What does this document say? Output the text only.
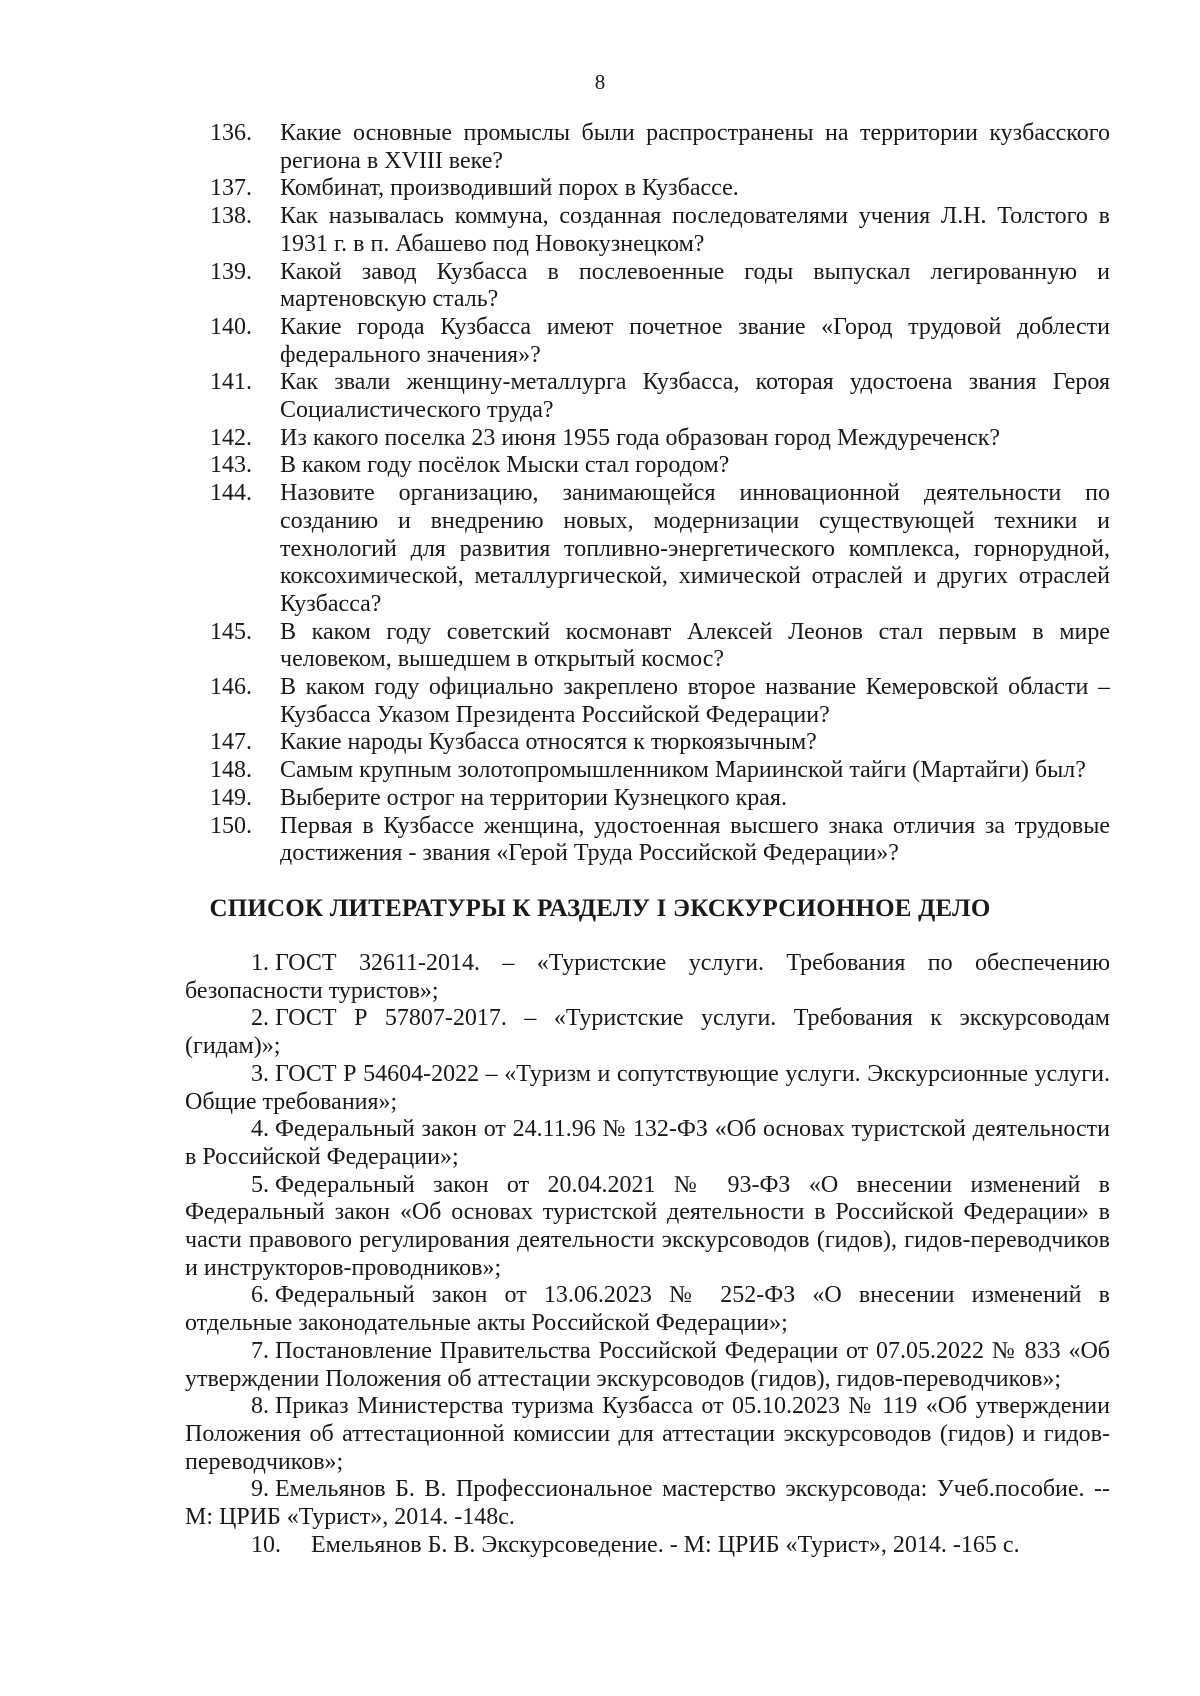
8
136.	Какие основные промыслы были распространены на территории кузбасского региона в XVIII веке?
137.	Комбинат, производивший порох в Кузбассе.
138.	Как называлась коммуна, созданная последователями учения Л.Н. Толстого в 1931 г. в п. Абашево под Новокузнецком?
139.	Какой завод Кузбасса в послевоенные годы выпускал легированную и мартеновскую сталь?
140.	Какие города Кузбасса имеют почетное звание «Город трудовой доблести федерального значения»?
141.	Как звали женщину-металлурга Кузбасса, которая удостоена звания Героя Социалистического труда?
142.	Из какого поселка 23 июня 1955 года образован город Междуреченск?
143.	В каком году посёлок Мыски стал городом?
144.	Назовите организацию, занимающейся инновационной деятельности по созданию и внедрению новых, модернизации существующей техники и технологий для развития топливно-энергетического комплекса, горнорудной, коксохимической, металлургической, химической отраслей и других отраслей Кузбасса?
145.	В каком году советский космонавт Алексей Леонов стал первым в мире человеком, вышедшем в открытый космос?
146.	В каком году официально закреплено второе название Кемеровской области – Кузбасса Указом Президента Российской Федерации?
147.	Какие народы Кузбасса относятся к тюркоязычным?
148.	Самым крупным золотопромышленником Мариинской тайги (Мартайги) был?
149.	Выберите острог на территории Кузнецкого края.
150.	Первая в Кузбассе женщина, удостоенная высшего знака отличия за трудовые достижения - звания «Герой Труда Российской Федерации»?
СПИСОК ЛИТЕРАТУРЫ К РАЗДЕЛУ I ЭКСКУРСИОННОЕ ДЕЛО

1. ГОСТ 32611-2014. – «Туристские услуги. Требования по обеспечению безопасности туристов»;

2. ГОСТ Р 57807-2017. – «Туристские услуги. Требования к экскурсоводам (гидам)»;

3. ГОСТ Р 54604-2022 – «Туризм и сопутствующие услуги. Экскурсионные услуги. Общие требования»;

4. Федеральный закон от 24.11.96 № 132-ФЗ «Об основах туристской деятельности в Российской Федерации»;

5. Федеральный закон от 20.04.2021 № 93-ФЗ «О внесении изменений в Федеральный закон «Об основах туристской деятельности в Российской Федерации» в части правового регулирования деятельности экскурсоводов (гидов), гидов-переводчиков и инструкторов-проводников»;

6. Федеральный закон от 13.06.2023 № 252-ФЗ «О внесении изменений в отдельные законодательные акты Российской Федерации»;

7. Постановление Правительства Российской Федерации от 07.05.2022 № 833 «Об утверждении Положения об аттестации экскурсоводов (гидов), гидов-переводчиков»;

8. Приказ Министерства туризма Кузбасса от 05.10.2023 № 119 «Об утверждении Положения об аттестационной комиссии для аттестации экскурсоводов (гидов) и гидов-переводчиков»;

9. Емельянов Б. В. Профессиональное мастерство экскурсовода: Учеб.пособие. -- М: ЦРИБ «Турист», 2014. -148с.

10. Емельянов Б. В. Экскурсоведение. - М: ЦРИБ «Турист», 2014. -165 с.
